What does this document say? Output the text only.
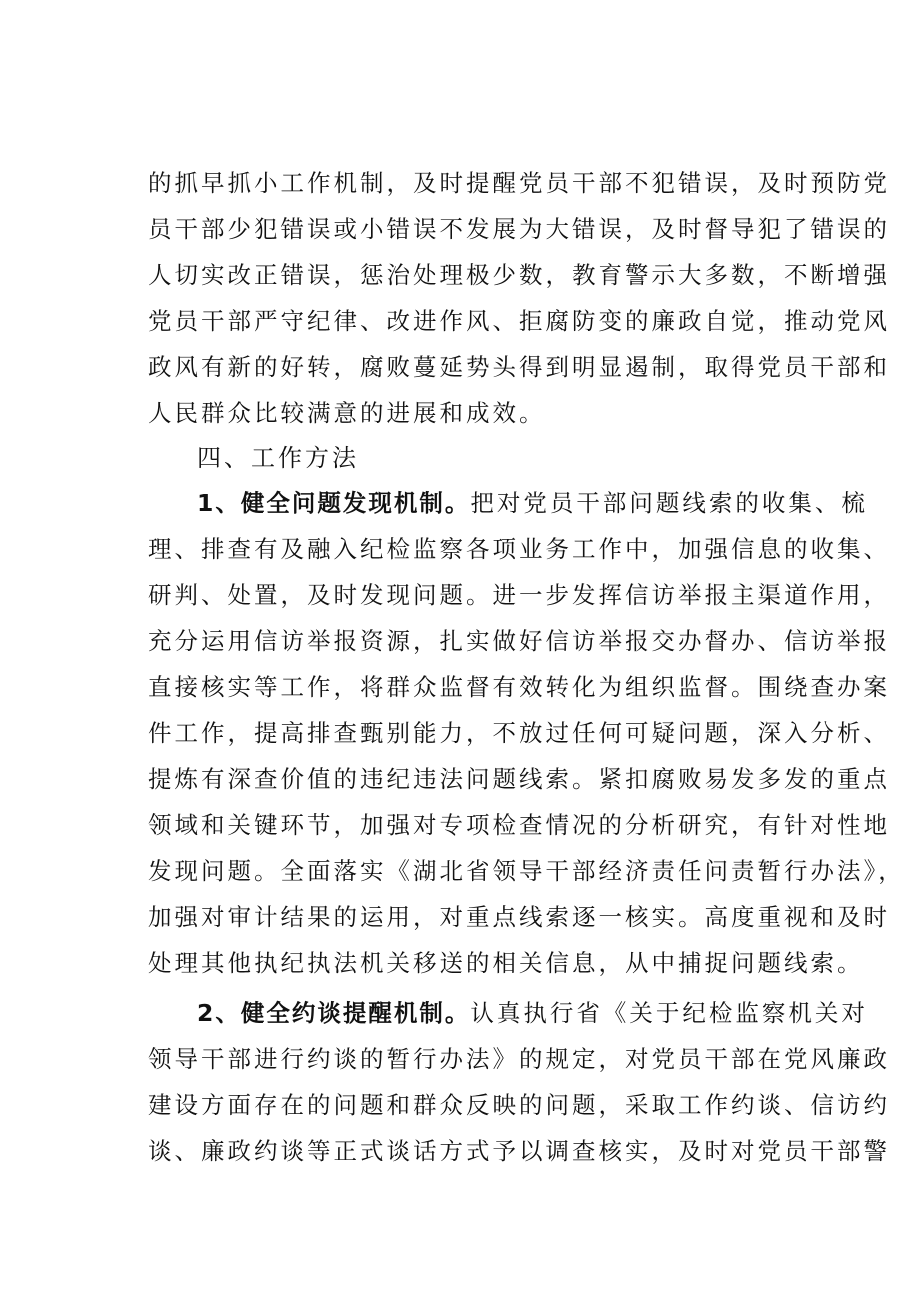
的抓早抓小工作机制，及时提醒党员干部不犯错误，及时预防党
员干部少犯错误或小错误不发展为大错误，及时督导犯了错误的
人切实改正错误，惩治处理极少数，教育警示大多数，不断增强
党员干部严守纪律、改进作风、拒腐防变的廉政自觉，推动党风
政风有新的好转，腐败蔓延势头得到明显遏制，取得党员干部和
人民群众比较满意的进展和成效。
四、工作方法
1、健全问题发现机制。把对党员干部问题线索的收集、梳
理、排查有及融入纪检监察各项业务工作中，加强信息的收集、
研判、处置，及时发现问题。进一步发挥信访举报主渠道作用，
充分运用信访举报资源，扎实做好信访举报交办督办、信访举报
直接核实等工作，将群众监督有效转化为组织监督。围绕查办案
件工作，提高排查甄别能力，不放过任何可疑问题，深入分析、
提炼有深查价值的违纪违法问题线索。紧扣腐败易发多发的重点
领域和关键环节，加强对专项检查情况的分析研究，有针对性地
发现问题。全面落实《湖北省领导干部经济责任问责暂行办法》，
加强对审计结果的运用，对重点线索逐一核实。高度重视和及时
处理其他执纪执法机关移送的相关信息，从中捕捉问题线索。
2、健全约谈提醒机制。认真执行省《关于纪检监察机关对
领导干部进行约谈的暂行办法》的规定，对党员干部在党风廉政
建设方面存在的问题和群众反映的问题，采取工作约谈、信访约
谈、廉政约谈等正式谈话方式予以调查核实，及时对党员干部警
